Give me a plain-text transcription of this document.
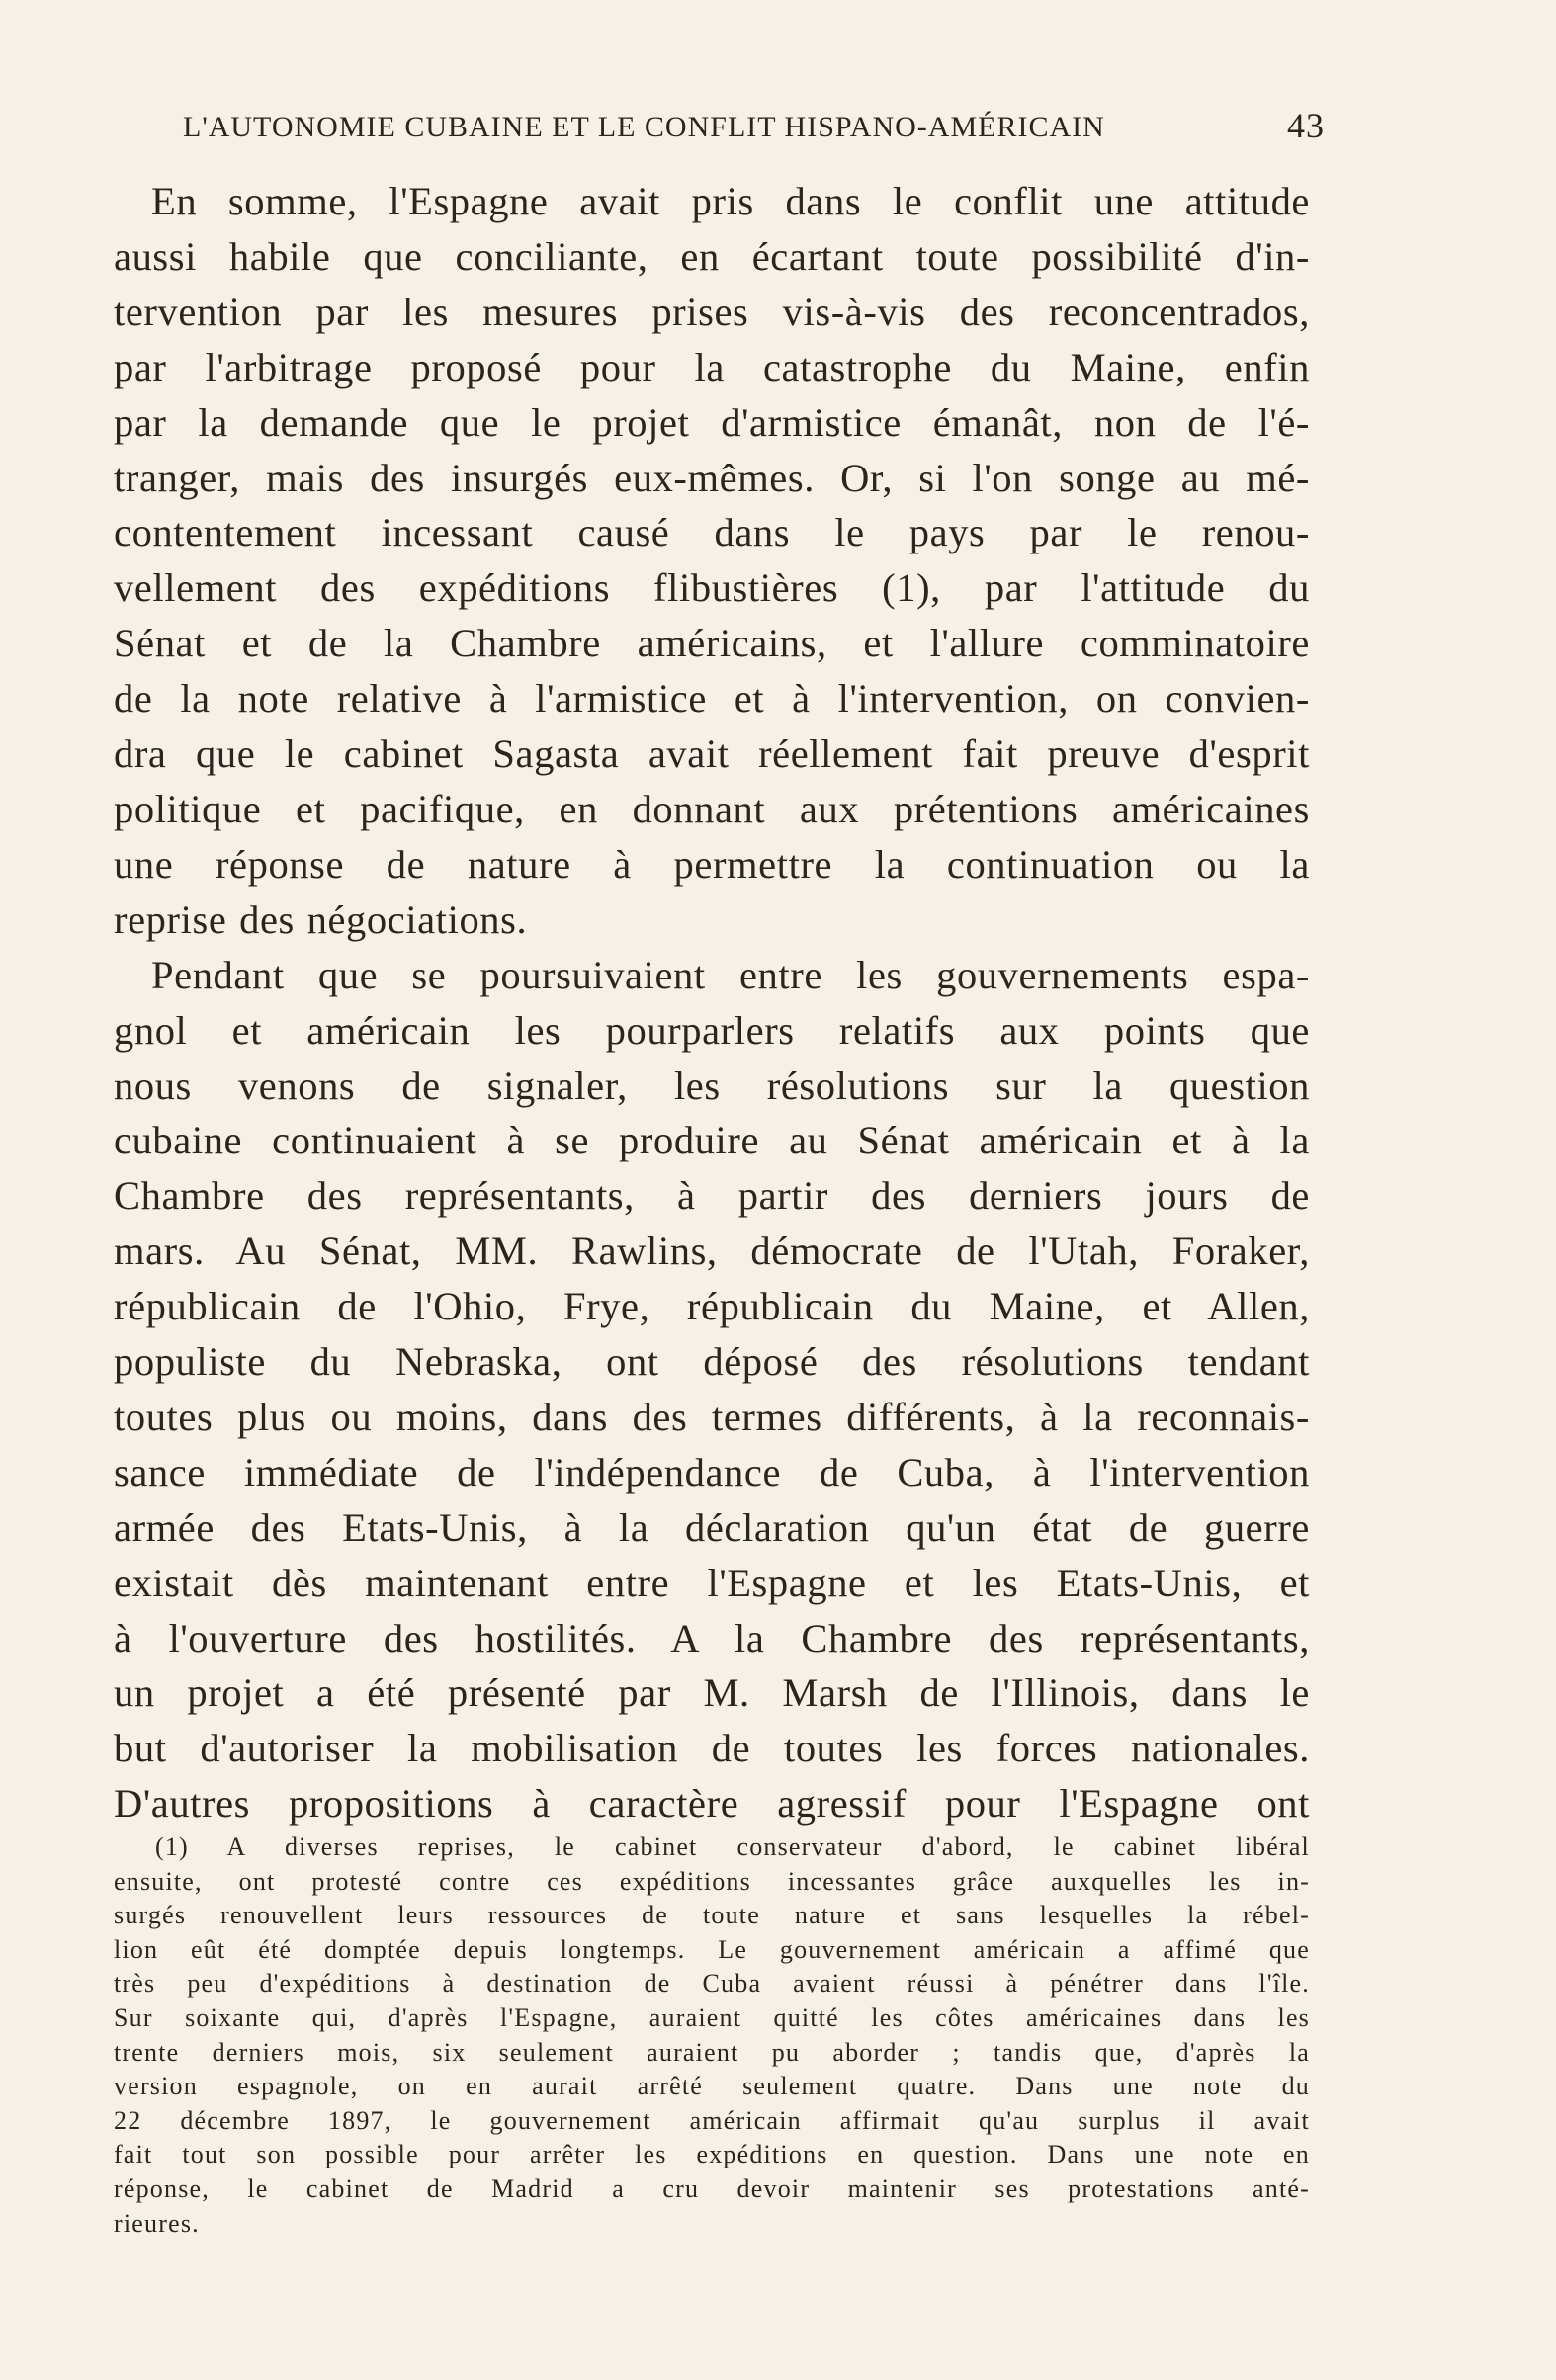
L'AUTONOMIE CUBAINE ET LE CONFLIT HISPANO-AMÉRICAIN	43
En somme, l'Espagne avait pris dans le conflit une attitude
aussi habile que conciliante, en écartant toute possibilité d'in-
tervention par les mesures prises vis-à-vis des reconcentrados,
par l'arbitrage proposé pour la catastrophe du Maine, enfin
par la demande que le projet d'armistice émanât, non de l'é-
tranger, mais des insurgés eux-mêmes. Or, si l'on songe au mé-
contentement incessant causé dans le pays par le renou-
vellement des expéditions flibustières (1), par l'attitude du
Sénat et de la Chambre américains, et l'allure comminatoire
de la note relative à l'armistice et à l'intervention, on convien-
dra que le cabinet Sagasta avait réellement fait preuve d'esprit
politique et pacifique, en donnant aux prétentions américaines
une réponse de nature à permettre la continuation ou la
reprise des négociations.
Pendant que se poursuivaient entre les gouvernements espa-
gnol et américain les pourparlers relatifs aux points que
nous venons de signaler, les résolutions sur la question
cubaine continuaient à se produire au Sénat américain et à la
Chambre des représentants, à partir des derniers jours de
mars. Au Sénat, MM. Rawlins, démocrate de l'Utah, Foraker,
républicain de l'Ohio, Frye, républicain du Maine, et Allen,
populiste du Nebraska, ont déposé des résolutions tendant
toutes plus ou moins, dans des termes différents, à la reconnais-
sance immédiate de l'indépendance de Cuba, à l'intervention
armée des Etats-Unis, à la déclaration qu'un état de guerre
existait dès maintenant entre l'Espagne et les Etats-Unis, et
à l'ouverture des hostilités. A la Chambre des représentants,
un projet a été présenté par M. Marsh de l'Illinois, dans le
but d'autoriser la mobilisation de toutes les forces nationales.
D'autres propositions à caractère agressif pour l'Espagne ont
(1) A diverses reprises, le cabinet conservateur d'abord, le cabinet libéral
ensuite, ont protesté contre ces expéditions incessantes grâce auxquelles les in-
surgés renouvellent leurs ressources de toute nature et sans lesquelles la rébel-
lion eût été domptée depuis longtemps. Le gouvernement américain a affimé que
très peu d'expéditions à destination de Cuba avaient réussi à pénétrer dans l'île.
Sur soixante qui, d'après l'Espagne, auraient quitté les côtes américaines dans les
trente derniers mois, six seulement auraient pu aborder ; tandis que, d'après la
version espagnole, on en aurait arrêté seulement quatre. Dans une note du
22 décembre 1897, le gouvernement américain affirmait qu'au surplus il avait
fait tout son possible pour arrêter les expéditions en question. Dans une note en
réponse, le cabinet de Madrid a cru devoir maintenir ses protestations anté-
rieures.
